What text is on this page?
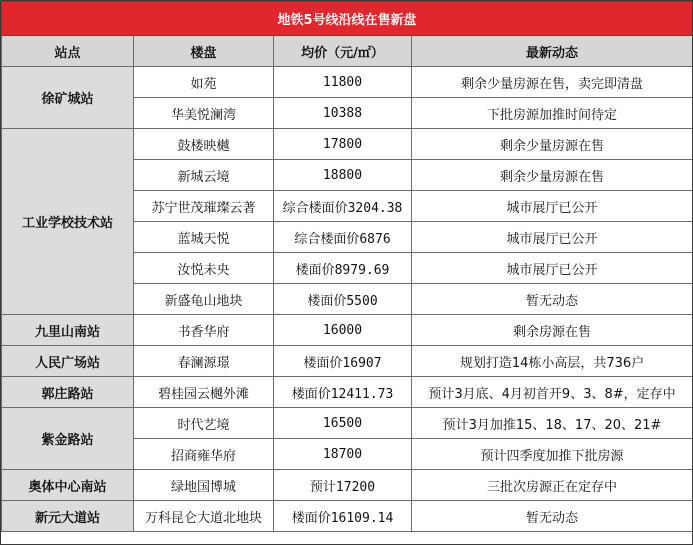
地铁5号线沿线在售新盘			
站点	楼盘	均价（元/㎡）	最新动态
徐矿城站	如苑	11800	剩余少量房源在售，卖完即清盘
	华美悦澜湾	10388	下批房源加推时间待定
工业学校技术站	鼓楼映樾	17800	剩余少量房源在售
	新城云境	18800	剩余少量房源在售
	苏宁世茂璀璨云著	综合楼面价3204.38	城市展厅已公开
	蓝城天悦	综合楼面价6876	城市展厅已公开
	汝悦未央	楼面价8979.69	城市展厅已公开
	新盛龟山地块	楼面价5500	暂无动态
九里山南站	书香华府	16000	剩余房源在售
人民广场站	春澜源璟	楼面价16907	规划打造14栋小高层，共736户
郭庄路站	碧桂园云樾外滩	楼面价12411.73	预计3月底、4月初首开9、3、8#，定存中
紫金路站	时代艺境	16500	预计3月加推15、18、17、20、21#
	招商雍华府	18700	预计四季度加推下批房源
奥体中心南站	绿地国博城	预计17200	三批次房源正在定存中
新元大道站	万科昆仑大道北地块	楼面价16109.14	暂无动态
